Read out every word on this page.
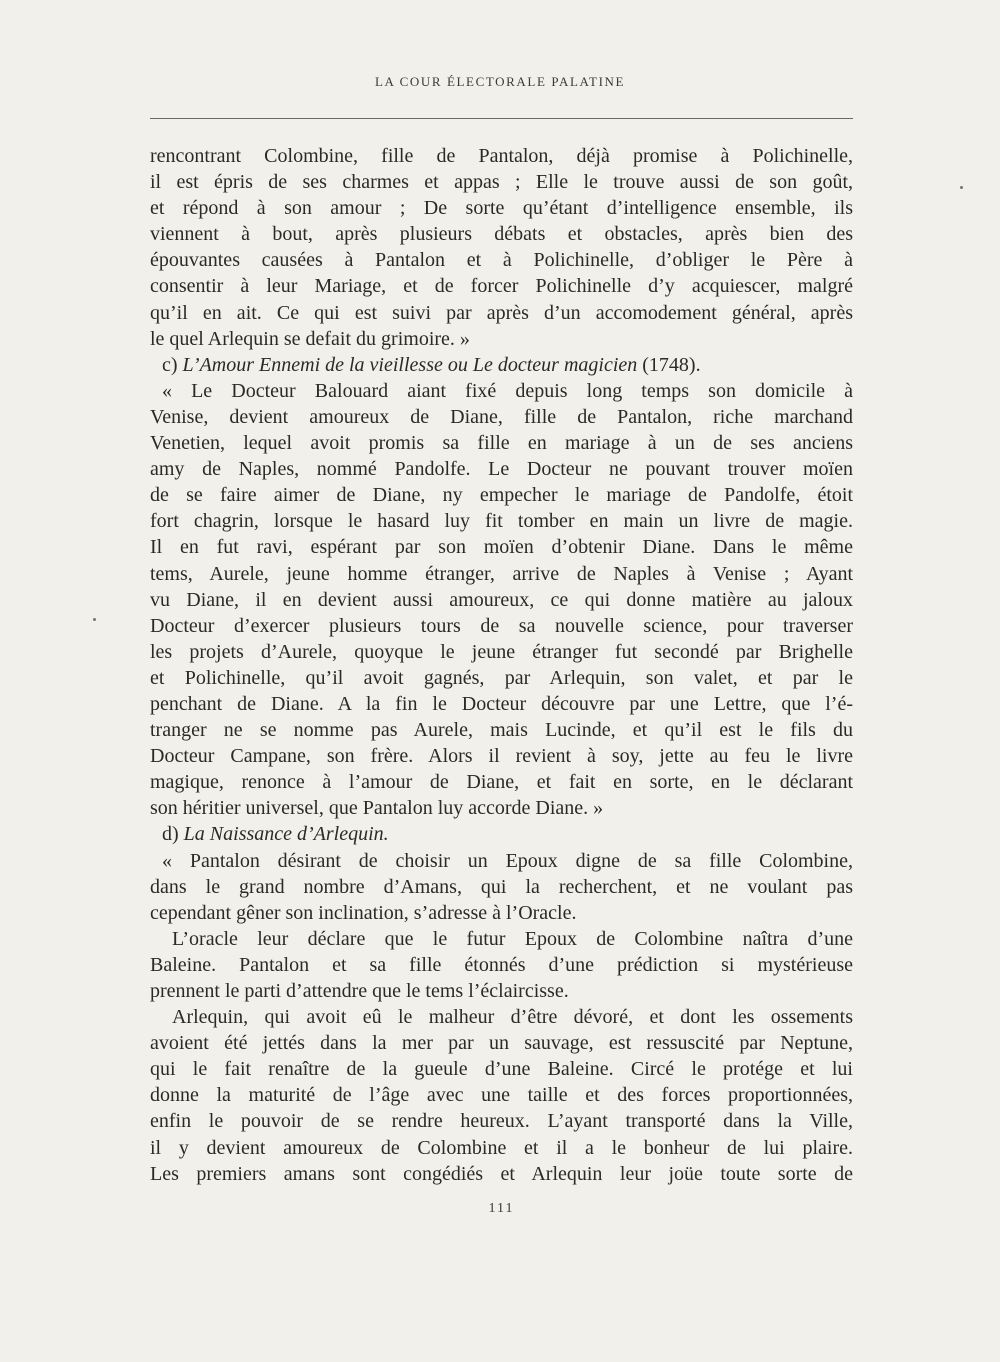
LA COUR ÉLECTORALE PALATINE
rencontrant Colombine, fille de Pantalon, déjà promise à Polichinelle,
il est épris de ses charmes et appas ; Elle le trouve aussi de son goût,
et répond à son amour ; De sorte qu’étant d’intelligence ensemble, ils
viennent à bout, après plusieurs débats et obstacles, après bien des
épouvantes causées à Pantalon et à Polichinelle, d’obliger le Père à
consentir à leur Mariage, et de forcer Polichinelle d’y acquiescer, malgré
qu’il en ait. Ce qui est suivi par après d’un accomodement général, après
le quel Arlequin se defait du grimoire. »
c) L’Amour Ennemi de la vieillesse ou Le docteur magicien (1748).
« Le Docteur Balouard aiant fixé depuis long temps son domicile à
Venise, devient amoureux de Diane, fille de Pantalon, riche marchand
Venetien, lequel avoit promis sa fille en mariage à un de ses anciens
amy de Naples, nommé Pandolfe. Le Docteur ne pouvant trouver moïen
de se faire aimer de Diane, ny empecher le mariage de Pandolfe, étoit
fort chagrin, lorsque le hasard luy fit tomber en main un livre de magie.
Il en fut ravi, espérant par son moïen d’obtenir Diane. Dans le même
tems, Aurele, jeune homme étranger, arrive de Naples à Venise ; Ayant
vu Diane, il en devient aussi amoureux, ce qui donne matière au jaloux
Docteur d’exercer plusieurs tours de sa nouvelle science, pour traverser
les projets d’Aurele, quoyque le jeune étranger fut secondé par Brighelle
et Polichinelle, qu’il avoit gagnés, par Arlequin, son valet, et par le
penchant de Diane. A la fin le Docteur découvre par une Lettre, que l’é-
tranger ne se nomme pas Aurele, mais Lucinde, et qu’il est le fils du
Docteur Campane, son frère. Alors il revient à soy, jette au feu le livre
magique, renonce à l’amour de Diane, et fait en sorte, en le déclarant
son héritier universel, que Pantalon luy accorde Diane. »
d) La Naissance d’Arlequin.
« Pantalon désirant de choisir un Epoux digne de sa fille Colombine,
dans le grand nombre d’Amans, qui la recherchent, et ne voulant pas
cependant gêner son inclination, s’adresse à l’Oracle.
L’oracle leur déclare que le futur Epoux de Colombine naîtra d’une
Baleine. Pantalon et sa fille étonnés d’une prédiction si mystérieuse
prennent le parti d’attendre que le tems l’éclaircisse.
Arlequin, qui avoit eû le malheur d’être dévoré, et dont les ossements
avoient été jettés dans la mer par un sauvage, est ressuscité par Neptune,
qui le fait renaître de la gueule d’une Baleine. Circé le protége et lui
donne la maturité de l’âge avec une taille et des forces proportionnées,
enfin le pouvoir de se rendre heureux. L’ayant transporté dans la Ville,
il y devient amoureux de Colombine et il a le bonheur de lui plaire.
Les premiers amans sont congédiés et Arlequin leur joüe toute sorte de
111
